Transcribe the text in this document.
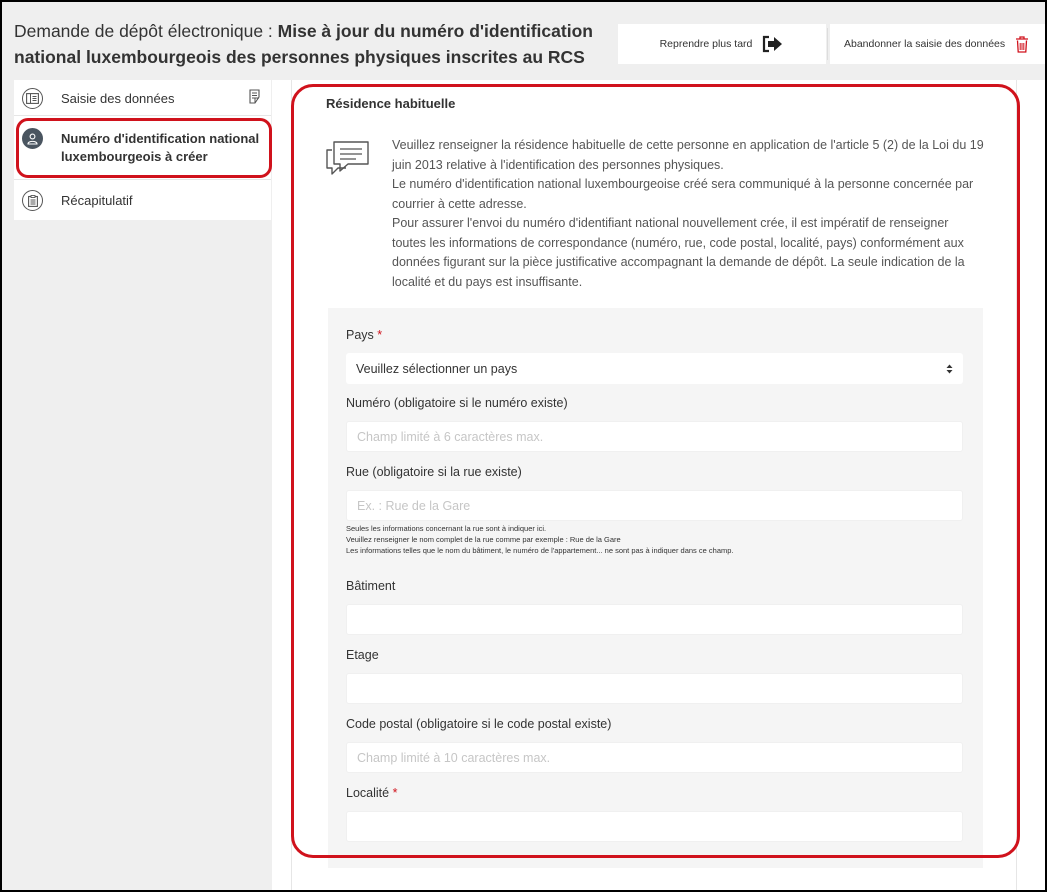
Demande de dépôt électronique : Mise à jour du numéro d'identification national luxembourgeois des personnes physiques inscrites au RCS
Reprendre plus tard	Abandonner la saisie des données
Saisie des données
Numéro d'identification national luxembourgeois à créer
Récapitulatif
Résidence habituelle
Veuillez renseigner la résidence habituelle de cette personne en application de l'article 5 (2) de la Loi du 19 juin 2013 relative à l'identification des personnes physiques.
Le numéro d'identification national luxembourgeoise créé sera communiqué à la personne concernée par courrier à cette adresse.
Pour assurer l'envoi du numéro d'identifiant national nouvellement crée, il est impératif de renseigner toutes les informations de correspondance (numéro, rue, code postal, localité, pays) conformément aux données figurant sur la pièce justificative accompagnant la demande de dépôt. La seule indication de la localité et du pays est insuffisante.
Pays *
Veuillez sélectionner un pays
Numéro (obligatoire si le numéro existe)
Champ limité à 6 caractères max.
Rue (obligatoire si la rue existe)
Ex. : Rue de la Gare
Seules les informations concernant la rue sont à indiquer ici.
Veuillez renseigner le nom complet de la rue comme par exemple : Rue de la Gare
Les informations telles que le nom du bâtiment, le numéro de l'appartement... ne sont pas à indiquer dans ce champ.
Bâtiment
Etage
Code postal (obligatoire si le code postal existe)
Champ limité à 10 caractères max.
Localité *
